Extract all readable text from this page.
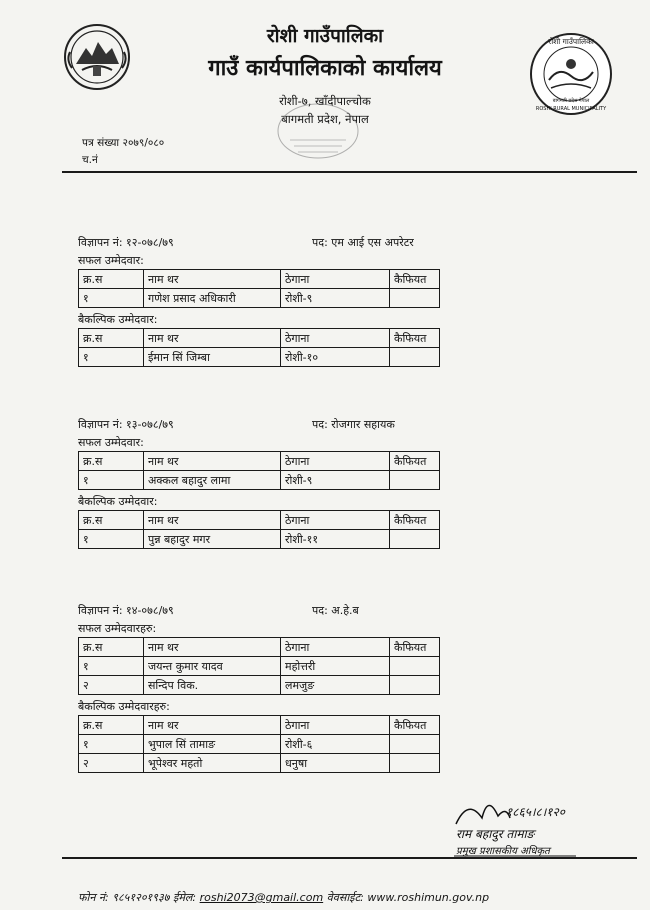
रोशी गाउँपालिका
गाउँ कार्यपालिकाको कार्यालय
रोशी-७, खाँदीपाल्चोक
बागमती प्रदेश, नेपाल
रोशी गाउँपालिका
ROSHI RURAL MUNICIPALITY
बागमती प्रदेश नेपाल
पत्र संख्या २०७९/०८०
च.नं
विज्ञापन नं: १२-०७८/७९	पद: एम आई एस अपरेटर
सफल उम्मेदवार:
क्र.स	नाम थर	ठेगाना	कैफियत
१	गणेश प्रसाद अधिकारी	रोशी-९	
बैकल्पिक उम्मेदवार:
क्र.स	नाम थर	ठेगाना	कैफियत
१	ईमान सिं जिम्बा	रोशी-१०	
विज्ञापन नं: १३-०७८/७९	पद: रोजगार सहायक
सफल उम्मेदवार:
क्र.स	नाम थर	ठेगाना	कैफियत
१	अक्कल बहादुर लामा	रोशी-९	
बैकल्पिक उम्मेदवार:
क्र.स	नाम थर	ठेगाना	कैफियत
१	पुन्न बहादुर मगर	रोशी-११	
विज्ञापन नं: १४-०७८/७९	पद: अ.हे.ब
सफल उम्मेदवारहरु:
क्र.स	नाम थर	ठेगाना	कैफियत
१	जयन्त कुमार यादव	महोत्तरी	
२	सन्दिप विक.	लमजुङ	
बैकल्पिक उम्मेदवारहरु:
क्र.स	नाम थर	ठेगाना	कैफियत
१	भुपाल सिं तामाङ	रोशी-६	
२	भूपेश्वर महतो	धनुषा	
१८६५।८।१२०
राम बहादुर तामाङ
प्रमुख प्रशासकीय अधिकृत
फोन नं: ९८५१२०१९३७ ईमेल: roshi2073@gmail.com वेवसाईट: www.roshimun.gov.np
